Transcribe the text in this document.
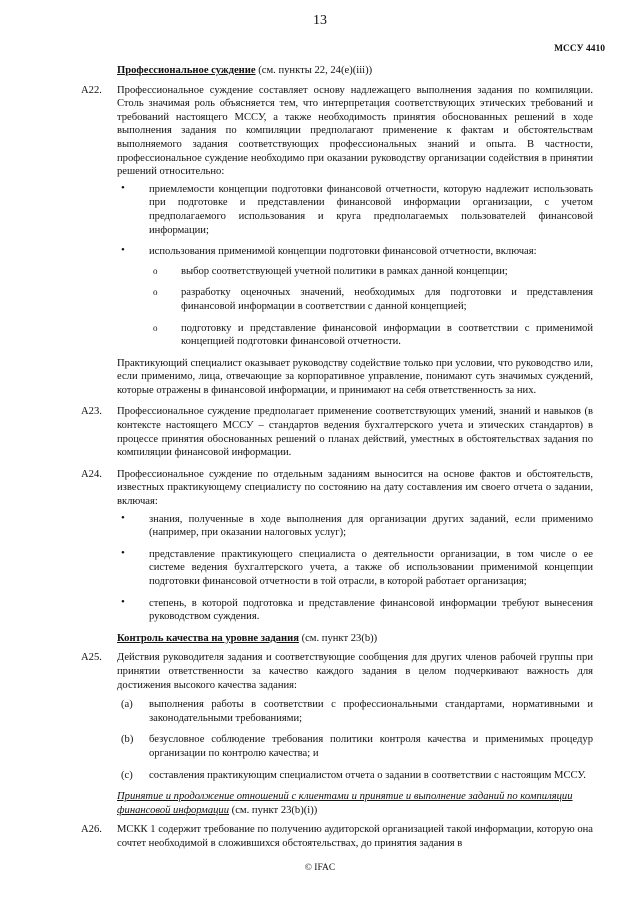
13
МССУ 4410

Профессиональное суждение (см. пункты 22, 24(e)(iii))

A22.	Профессиональное суждение составляет основу надлежащего выполнения задания по компиляции. Столь значимая роль объясняется тем, что интерпретация соответствующих этических требований и требований настоящего МССУ, а также необходимость принятия обоснованных решений в ходе выполнения задания по компиляции предполагают применение к фактам и обстоятельствам выполняемого задания соответствующих профессиональных знаний и опыта. В частности, профессиональное суждение необходимо при оказании руководству организации содействия в принятии решений относительно:
• приемлемости концепции подготовки финансовой отчетности, которую надлежит использовать при подготовке и представлении финансовой информации организации, с учетом предполагаемого использования и круга предполагаемых пользователей финансовой информации;
• использования применимой концепции подготовки финансовой отчетности, включая:
o выбор соответствующей учетной политики в рамках данной концепции;
o разработку оценочных значений, необходимых для подготовки и представления финансовой информации в соответствии с данной концепцией;
o подготовку и представление финансовой информации в соответствии с применимой концепцией подготовки финансовой отчетности.
Практикующий специалист оказывает руководству содействие только при условии, что руководство или, если применимо, лица, отвечающие за корпоративное управление, понимают суть значимых суждений, которые отражены в финансовой информации, и принимают на себя ответственность за них.
A23.	Профессиональное суждение предполагает применение соответствующих умений, знаний и навыков (в контексте настоящего МССУ – стандартов ведения бухгалтерского учета и этических стандартов) в процессе принятия обоснованных решений о планах действий, уместных в обстоятельствах задания по компиляции финансовой информации.
A24.	Профессиональное суждение по отдельным заданиям выносится на основе фактов и обстоятельств, известных практикующему специалисту по состоянию на дату составления им своего отчета о задании, включая:
• знания, полученные в ходе выполнения для организации других заданий, если применимо (например, при оказании налоговых услуг);
• представление практикующего специалиста о деятельности организации, в том числе о ее системе ведения бухгалтерского учета, а также об использовании применимой концепции подготовки финансовой отчетности в той отрасли, в которой работает организация;
• степень, в которой подготовка и представление финансовой информации требуют вынесения руководством суждения.

Контроль качества на уровне задания (см. пункт 23(b))

A25.	Действия руководителя задания и соответствующие сообщения для других членов рабочей группы при принятии ответственности за качество каждого задания в целом подчеркивают важность для достижения высокого качества задания:
(a) выполнения работы в соответствии с профессиональными стандартами, нормативными и законодательными требованиями;
(b) безусловное соблюдение требования политики контроля качества и применимых процедур организации по контролю качества; и
(c) составления практикующим специалистом отчета о задании в соответствии с настоящим МССУ.

Принятие и продолжение отношений с клиентами и принятие и выполнение заданий по компиляции финансовой информации (см. пункт 23(b)(i))

A26.	МСКК 1 содержит требование по получению аудиторской организацией такой информации, которую она сочтет необходимой в сложившихся обстоятельствах, до принятия задания в
© IFAC
